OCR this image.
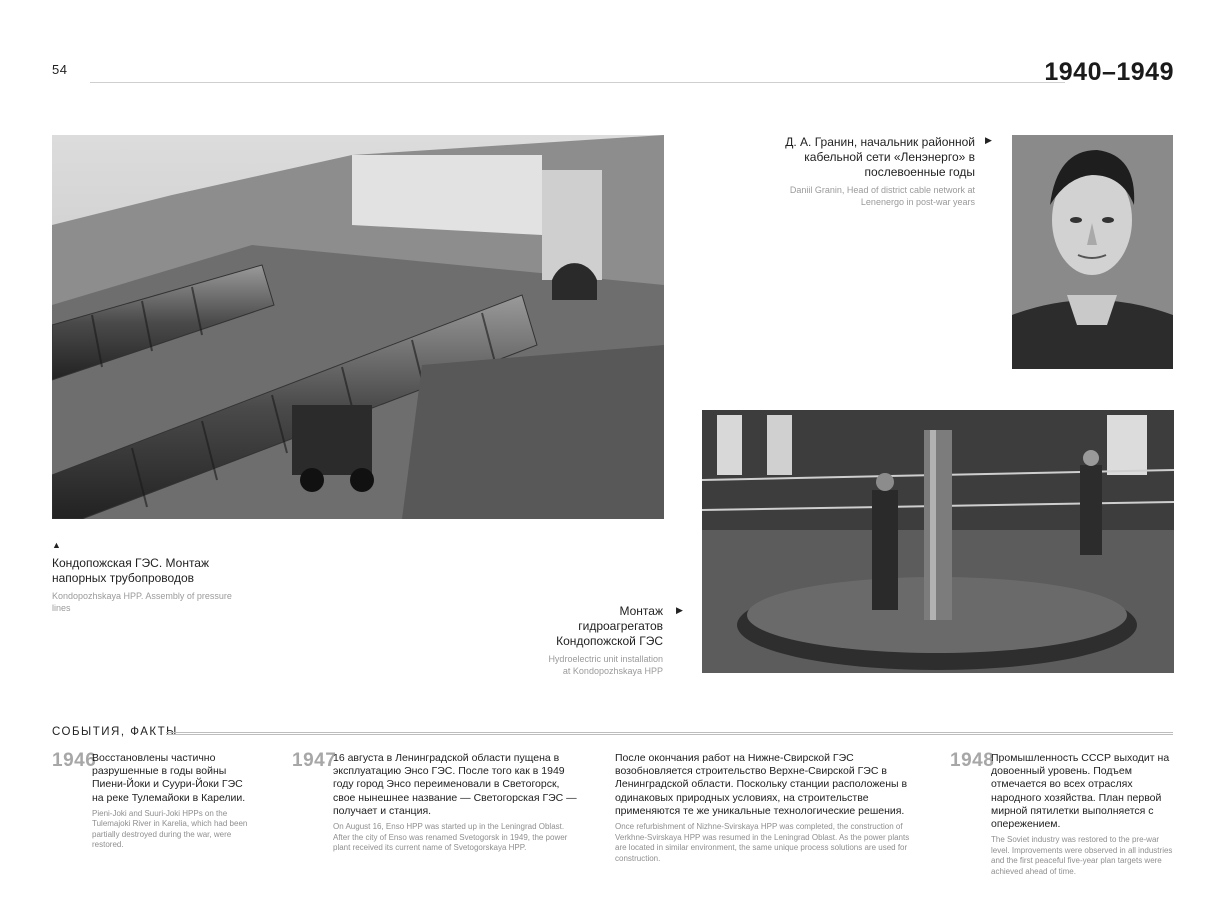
54	1940–1949
▲
Кондопожская ГЭС. Монтаж напорных трубопроводов
Kondopozhskaya HPP. Assembly of pressure lines
Д. А. Гранин, начальник районной кабельной сети «Ленэнерго» в послевоенные годы
Daniil Granin, Head of district cable network at Lenenergo in post-war years
▶
Монтаж гидроагрегатов Кондопожской ГЭС
Hydroelectric unit installation at Kondopozhskaya HPP
▶
СОБЫТИЯ, ФАКТЫ
1946
Восстановлены частично разрушенные в годы войны Пиени-Йоки и Суури-Йоки ГЭС на реке Тулемайоки в Карелии.
Pieni-Joki and Suuri-Joki HPPs on the Tulemajoki River in Karelia, which had been partially destroyed during the war, were restored.
1947
16 августа в Ленинградской области пущена в эксплуатацию Энсо ГЭС. После того как в 1949 году город Энсо переименовали в Светогорск, свое нынешнее название — Светогорская ГЭС — получает и станция.
On August 16, Enso HPP was started up in the Leningrad Oblast. After the city of Enso was renamed Svetogorsk in 1949, the power plant received its current name of Svetogorskaya HPP.
После окончания работ на Нижне-Свирской ГЭС возобновляется строительство Верхне-Свирской ГЭС в Ленинградской области. Поскольку станции расположены в одинаковых природных условиях, на строительстве применяются те же уникальные технологические решения.
Once refurbishment of Nizhne-Svirskaya HPP was completed, the construction of Verkhne-Svirskaya HPP was resumed in the Leningrad Oblast. As the power plants are located in similar environment, the same unique process solutions are used for construction.
1948
Промышленность СССР выходит на довоенный уровень. Подъем отмечается во всех отраслях народного хозяйства. План первой мирной пятилетки выполняется с опережением.
The Soviet industry was restored to the pre-war level. Improvements were observed in all industries and the first peaceful five-year plan targets were achieved ahead of time.
